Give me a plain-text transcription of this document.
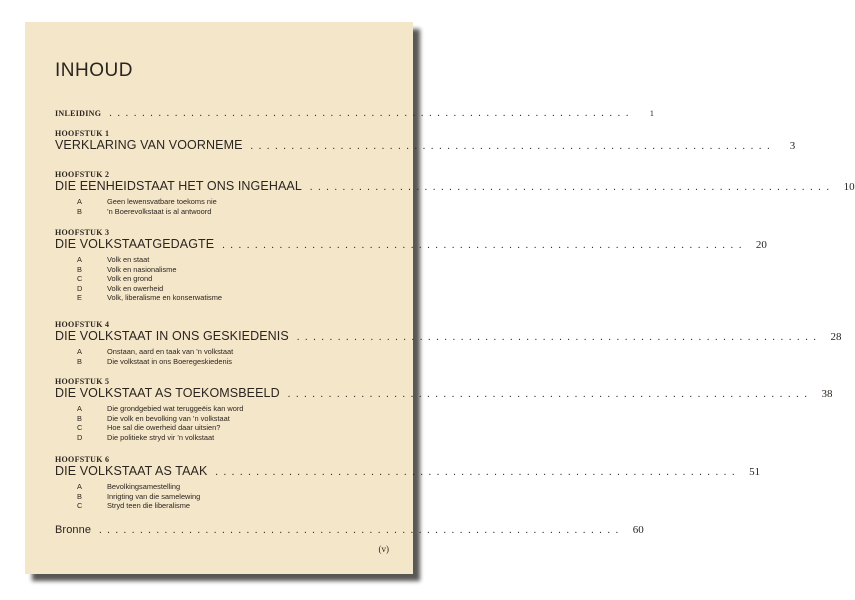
INHOUD
INLEIDING . . . . . . . . . . . . . . . . . . . . . . . . . . . . . . . . . . . . . . . . . . . . . . . . . . . . . . . . . . . . . . . .	1
HOOFSTUK 1
VERKLARING VAN VOORNEME . . . . . . . . . . . . . . . . . . . . . . . . . . . . . . . . . . . . . . . . . . . . . . . . . . . . . . . . . . . . . . . .	3
HOOFSTUK 2
DIE EENHEIDSTAAT HET ONS INGEHAAL . . . . . . . . . . . . . . . . . . . . . . . . . . . . . . . . . . . . . . . . . . . . . . . . . . . . . . . . . . . . . . . .	10
A	Geen lewensvatbare toekoms nie
B	’n Boerevolkstaat is al antwoord
HOOFSTUK 3
DIE VOLKSTAATGEDAGTE . . . . . . . . . . . . . . . . . . . . . . . . . . . . . . . . . . . . . . . . . . . . . . . . . . . . . . . . . . . . . . . .	20
A	Volk en staat
B	Volk en nasionalisme
C	Volk en grond
D	Volk en owerheid
E	Volk, liberalisme en konserwatisme
HOOFSTUK 4
DIE VOLKSTAAT IN ONS GESKIEDENIS . . . . . . . . . . . . . . . . . . . . . . . . . . . . . . . . . . . . . . . . . . . . . . . . . . . . . . . . . . . . . . . .	28
A	Onstaan, aard en taak van ’n volkstaat
B	Die volkstaat in ons Boeregeskiedenis
HOOFSTUK 5
DIE VOLKSTAAT AS TOEKOMSBEELD . . . . . . . . . . . . . . . . . . . . . . . . . . . . . . . . . . . . . . . . . . . . . . . . . . . . . . . . . . . . . . . .	38
A	Die grondgebied wat teruggeëis kan word
B	Die volk en bevolking van ’n volkstaat
C	Hoe sal die owerheid daar uitsien?
D	Die politieke stryd vir ’n volkstaat
HOOFSTUK 6
DIE VOLKSTAAT AS TAAK . . . . . . . . . . . . . . . . . . . . . . . . . . . . . . . . . . . . . . . . . . . . . . . . . . . . . . . . . . . . . . . .	51
A	Bevolkingsamestelling
B	Inrigting van die samelewing
C	Stryd teen die liberalisme
Bronne . . . . . . . . . . . . . . . . . . . . . . . . . . . . . . . . . . . . . . . . . . . . . . . . . . . . . . . . . . . . . . . .	60
(v)
